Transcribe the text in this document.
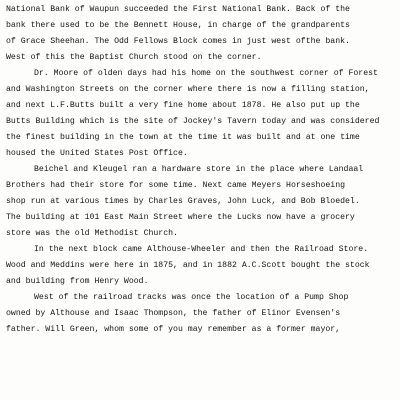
National Bank of Waupun succeeded the First National Bank. Back of the
bank there used to be the Bennett House, in charge of the grandparents
of Grace Sheehan. The Odd Fellows Block comes in just west ofthe bank.
West of this the Baptist Church stood on the corner.
Dr. Moore of olden days had his home on the southwest corner of Forest
and Washington Streets on the corner where there is now a filling station,
and next L.F.Butts built a very fine home about 1878. He also put up the
Butts Building which is the site of Jockey's Tavern today and was considered
the finest building in the town at the time it was built and at one time
housed the United States Post Office.
Beichel and Kleugel ran a hardware store in the place where Landaal
Brothers had their store for some time. Next came Meyers Horseshoeing
shop run at various times by Charles Graves, John Luck, and Bob Bloedel.
The building at 101 East Main Street where the Lucks now have a grocery
store was the old Methodist Church.
In the next block came Althouse-Wheeler and then the Railroad Store.
Wood and Meddins were here in 1875, and in 1882 A.C.Scott bought the stock
and building from Henry Wood.
West of the railroad tracks was once the location of a Pump Shop
owned by Althouse and Isaac Thompson, the father of Elinor Evensen's
father. Will Green, whom some of you may remember as a former mayor,
